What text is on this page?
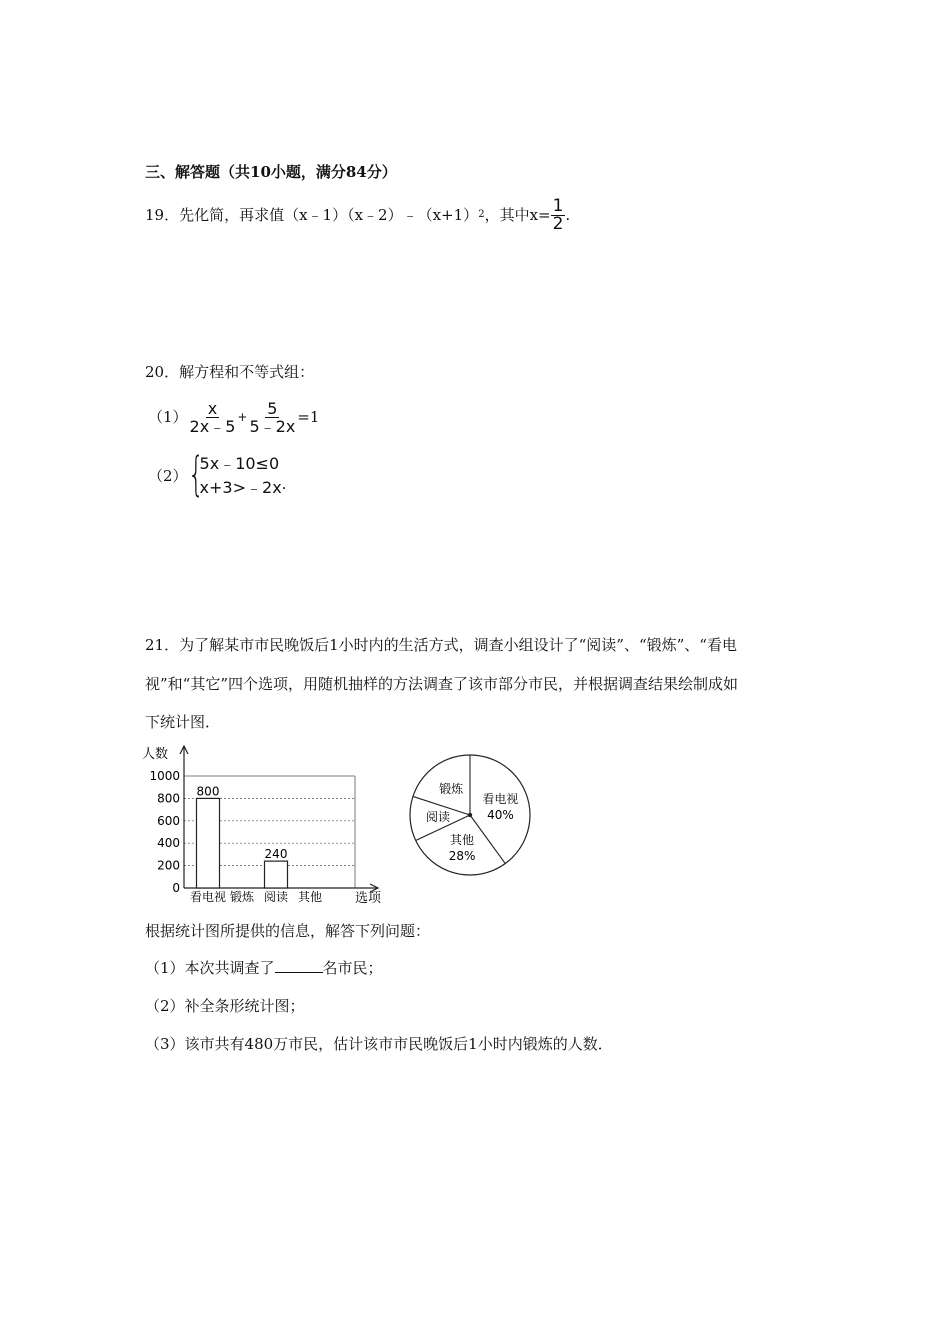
三、解答题（共10小题，满分84分）
19． 先化简，再求值（x﹣1）（x﹣2）﹣（x+1） 2 ，其中$x= \frac{1}{2}$ .
20．解方程和不等式组：
$(1) \frac{x}{2x﹣5} + \frac{5}{5﹣2x} =1$
（2） {
5x﹣10≤0
x+3>﹣2x .
21．为了解某市市民晚饭后1小时内的生活方式，调查小组设计了“阅读”、“锻炼”、“看电
视”和“其它”四个选项，用随机抽样的方法调查了该市部分市民，并根据调查结果绘制成如
下统计图．
人数
选项
0
200
400
600
800
1000
800
240
看电视 锻炼 阅读 其他
看电视
40%
其他
28%
阅读
锻炼
根据统计图所提供的信息，解答下列问题：
（1）本次共调查了	名市民；
（2）补全条形统计图；
（3）该市共有480万市民，估计该市市民晚饭后1小时内锻炼的人数．
